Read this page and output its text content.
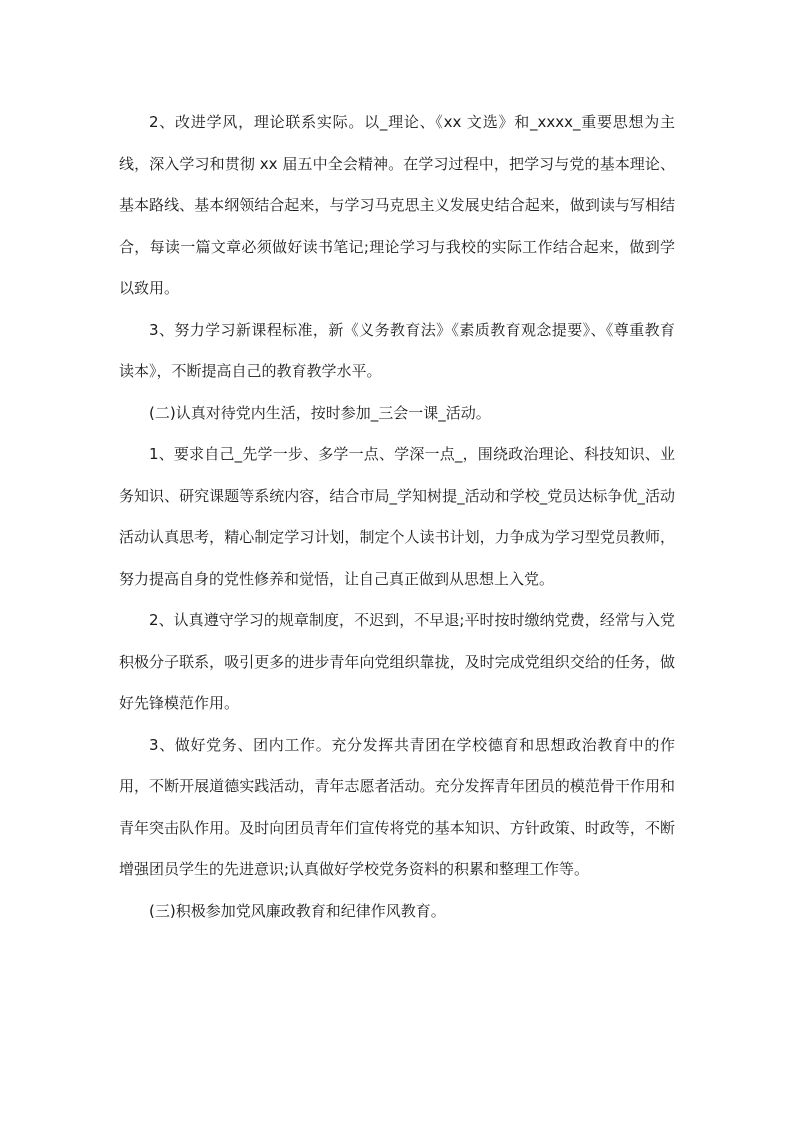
2、改进学风，理论联系实际。以_理论、《xx 文选》和_xxxx_重要思想为主线，深入学习和贯彻 xx 届五中全会精神。在学习过程中，把学习与党的基本理论、基本路线、基本纲领结合起来，与学习马克思主义发展史结合起来，做到读与写相结合，每读一篇文章必须做好读书笔记;理论学习与我校的实际工作结合起来，做到学以致用。

3、努力学习新课程标准，新《义务教育法》《素质教育观念提要》、《尊重教育读本》，不断提高自己的教育教学水平。

(二)认真对待党内生活，按时参加_三会一课_活动。

1、要求自己_先学一步、多学一点、学深一点_，围绕政治理论、科技知识、业务知识、研究课题等系统内容，结合市局_学知树提_活动和学校_党员达标争优_活动活动认真思考，精心制定学习计划，制定个人读书计划，力争成为学习型党员教师，努力提高自身的党性修养和觉悟，让自己真正做到从思想上入党。

2、认真遵守学习的规章制度，不迟到，不早退;平时按时缴纳党费，经常与入党积极分子联系，吸引更多的进步青年向党组织靠拢，及时完成党组织交给的任务，做好先锋模范作用。

3、做好党务、团内工作。充分发挥共青团在学校德育和思想政治教育中的作用，不断开展道德实践活动，青年志愿者活动。充分发挥青年团员的模范骨干作用和青年突击队作用。及时向团员青年们宣传将党的基本知识、方针政策、时政等，不断增强团员学生的先进意识;认真做好学校党务资料的积累和整理工作等。

(三)积极参加党风廉政教育和纪律作风教育。
